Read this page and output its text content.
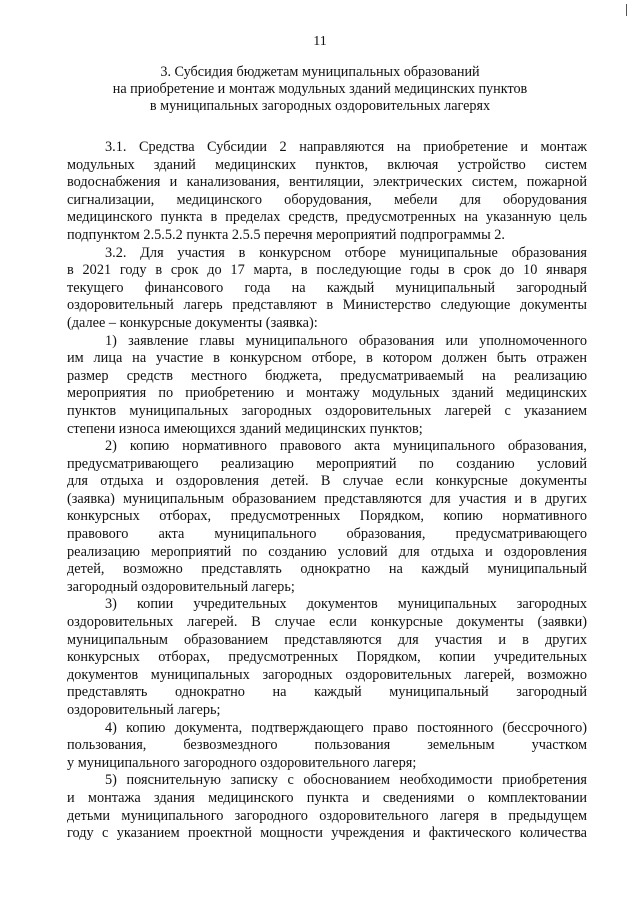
11
3. Субсидия бюджетам муниципальных образований
на приобретение и монтаж модульных зданий медицинских пунктов
в муниципальных загородных оздоровительных лагерях
3.1. Средства Субсидии 2 направляются на приобретение и монтаж
модульных зданий медицинских пунктов, включая устройство систем
водоснабжения и канализования, вентиляции, электрических систем, пожарной
сигнализации, медицинского оборудования, мебели для оборудования
медицинского пункта в пределах средств, предусмотренных на указанную цель
подпунктом 2.5.5.2 пункта 2.5.5 перечня мероприятий подпрограммы 2.
3.2. Для участия в конкурсном отборе муниципальные образования
в 2021 году в срок до 17 марта, в последующие годы в срок до 10 января
текущего финансового года на каждый муниципальный загородный
оздоровительный лагерь представляют в Министерство следующие документы
(далее – конкурсные документы (заявка):
1) заявление главы муниципального образования или уполномоченного
им лица на участие в конкурсном отборе, в котором должен быть отражен
размер средств местного бюджета, предусматриваемый на реализацию
мероприятия по приобретению и монтажу модульных зданий медицинских
пунктов муниципальных загородных оздоровительных лагерей с указанием
степени износа имеющихся зданий медицинских пунктов;
2) копию нормативного правового акта муниципального образования,
предусматривающего реализацию мероприятий по созданию условий
для отдыха и оздоровления детей. В случае если конкурсные документы
(заявка) муниципальным образованием представляются для участия и в других
конкурсных отборах, предусмотренных Порядком, копию нормативного
правового акта муниципального образования, предусматривающего
реализацию мероприятий по созданию условий для отдыха и оздоровления
детей, возможно представлять однократно на каждый муниципальный
загородный оздоровительный лагерь;
3) копии учредительных документов муниципальных загородных
оздоровительных лагерей. В случае если конкурсные документы (заявки)
муниципальным образованием представляются для участия и в других
конкурсных отборах, предусмотренных Порядком, копии учредительных
документов муниципальных загородных оздоровительных лагерей, возможно
представлять однократно на каждый муниципальный загородный
оздоровительный лагерь;
4) копию документа, подтверждающего право постоянного (бессрочного)
пользования, безвозмездного пользования земельным участком
у муниципального загородного оздоровительного лагеря;
5) пояснительную записку с обоснованием необходимости приобретения
и монтажа здания медицинского пункта и сведениями о комплектовании
детьми муниципального загородного оздоровительного лагеря в предыдущем
году с указанием проектной мощности учреждения и фактического количества
